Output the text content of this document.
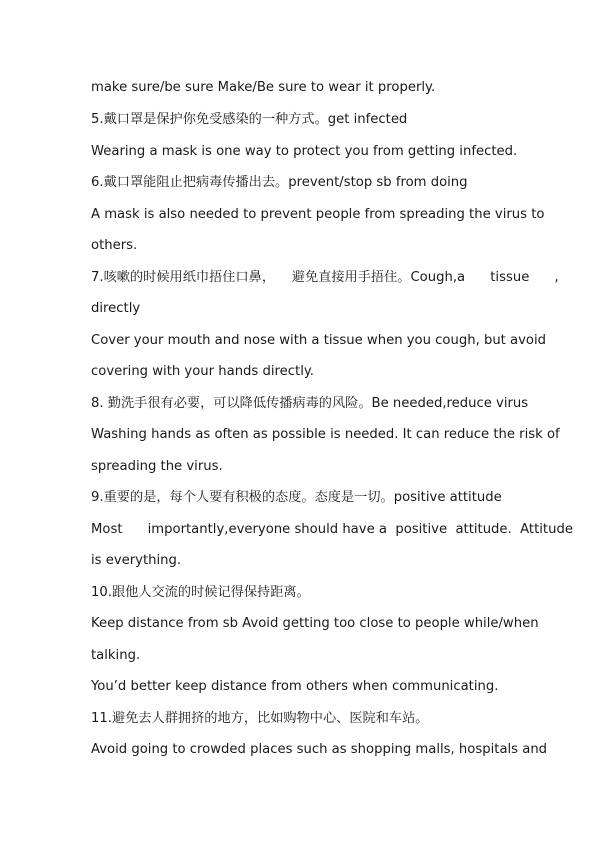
make sure/be sure Make/Be sure to wear it properly.
5.戴口罩是保护你免受感染的一种方式。get infected
Wearing a mask is one way to protect you from getting infected.
6.戴口罩能阻止把病毒传播出去。prevent/stop sb from doing
A mask is also needed to prevent people from spreading the virus to
others.
7.咳嗽的时候用纸巾捂住口鼻，    避免直接用手捂住。Cough,a      tissue      ,
directly
Cover your mouth and nose with a tissue when you cough, but avoid
covering with your hands directly.
8. 勤洗手很有必要，可以降低传播病毒的风险。Be needed,reduce virus
Washing hands as often as possible is needed. It can reduce the risk of
spreading the virus.
9.重要的是，每个人要有积极的态度。态度是一切。positive attitude
Most      importantly,everyone should have a  positive  attitude.  Attitude
is everything.
10.跟他人交流的时候记得保持距离。
Keep distance from sb Avoid getting too close to people while/when
talking.
You’d better keep distance from others when communicating.
11.避免去人群拥挤的地方，比如购物中心、医院和车站。
Avoid going to crowded places such as shopping malls, hospitals and
